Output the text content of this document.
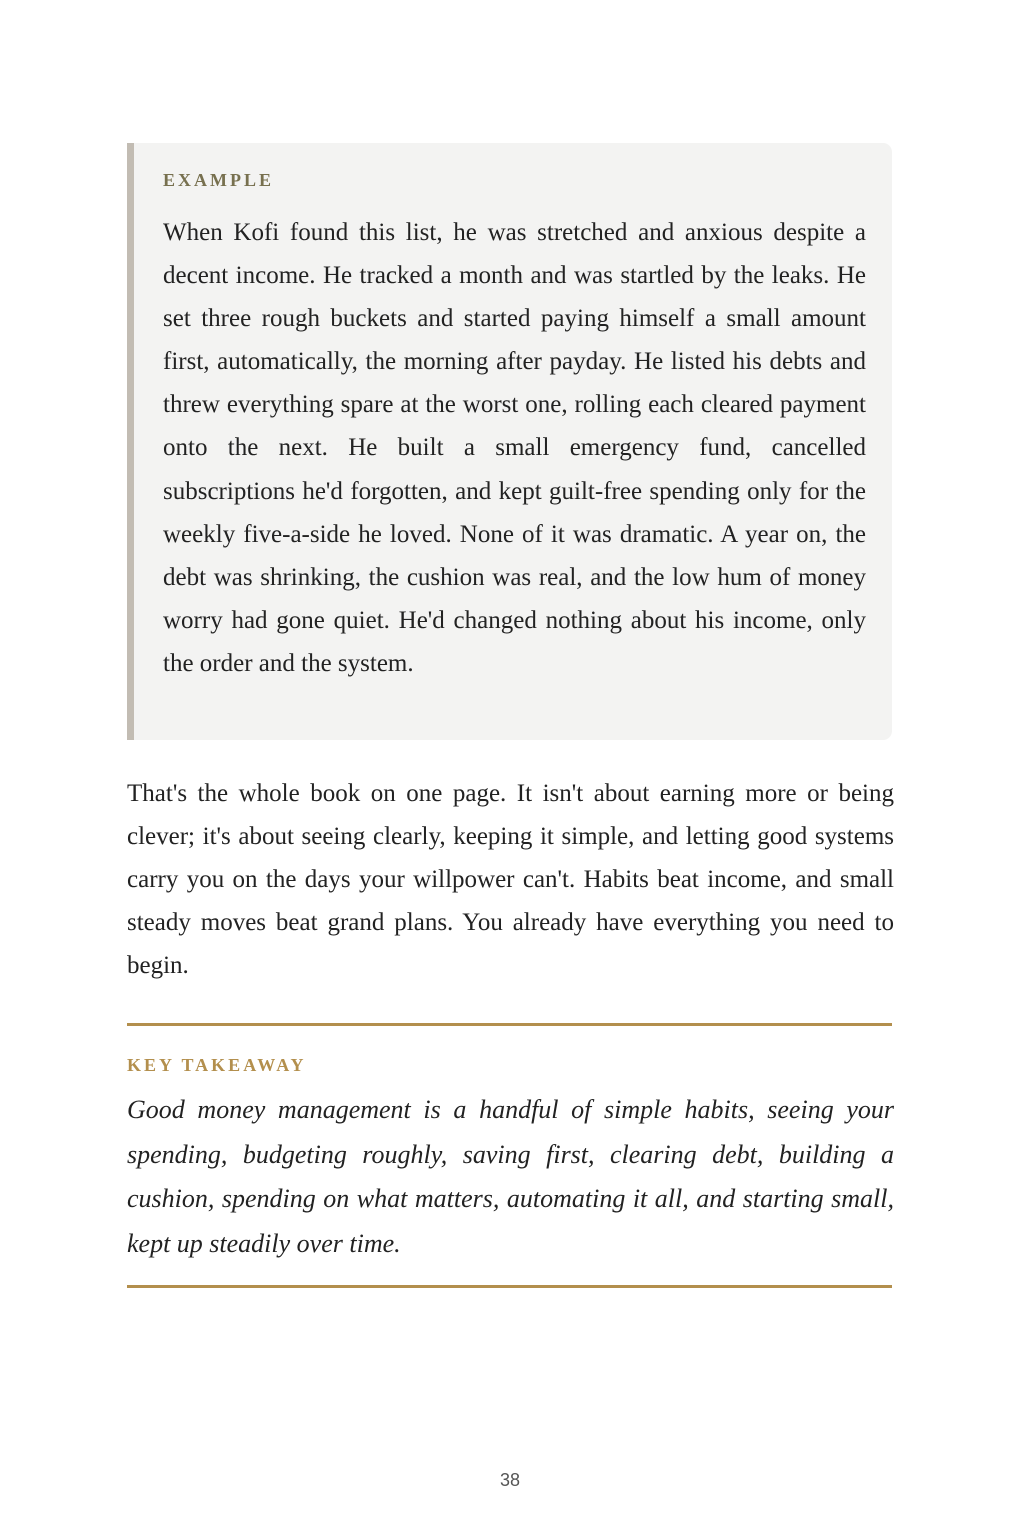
EXAMPLE

When Kofi found this list, he was stretched and anxious despite a decent income. He tracked a month and was startled by the leaks. He set three rough buckets and started paying himself a small amount first, automatically, the morning after payday. He listed his debts and threw everything spare at the worst one, rolling each cleared payment onto the next. He built a small emergency fund, cancelled subscriptions he'd forgotten, and kept guilt-free spending only for the weekly five-a-side he loved. None of it was dramatic. A year on, the debt was shrinking, the cushion was real, and the low hum of money worry had gone quiet. He'd changed nothing about his income, only the order and the system.

That's the whole book on one page. It isn't about earning more or being clever; it's about seeing clearly, keeping it simple, and letting good systems carry you on the days your willpower can't. Habits beat income, and small steady moves beat grand plans. You already have everything you need to begin.

KEY TAKEAWAY

Good money management is a handful of simple habits, seeing your spending, budgeting roughly, saving first, clearing debt, building a cushion, spending on what matters, automating it all, and starting small, kept up steadily over time.

38
